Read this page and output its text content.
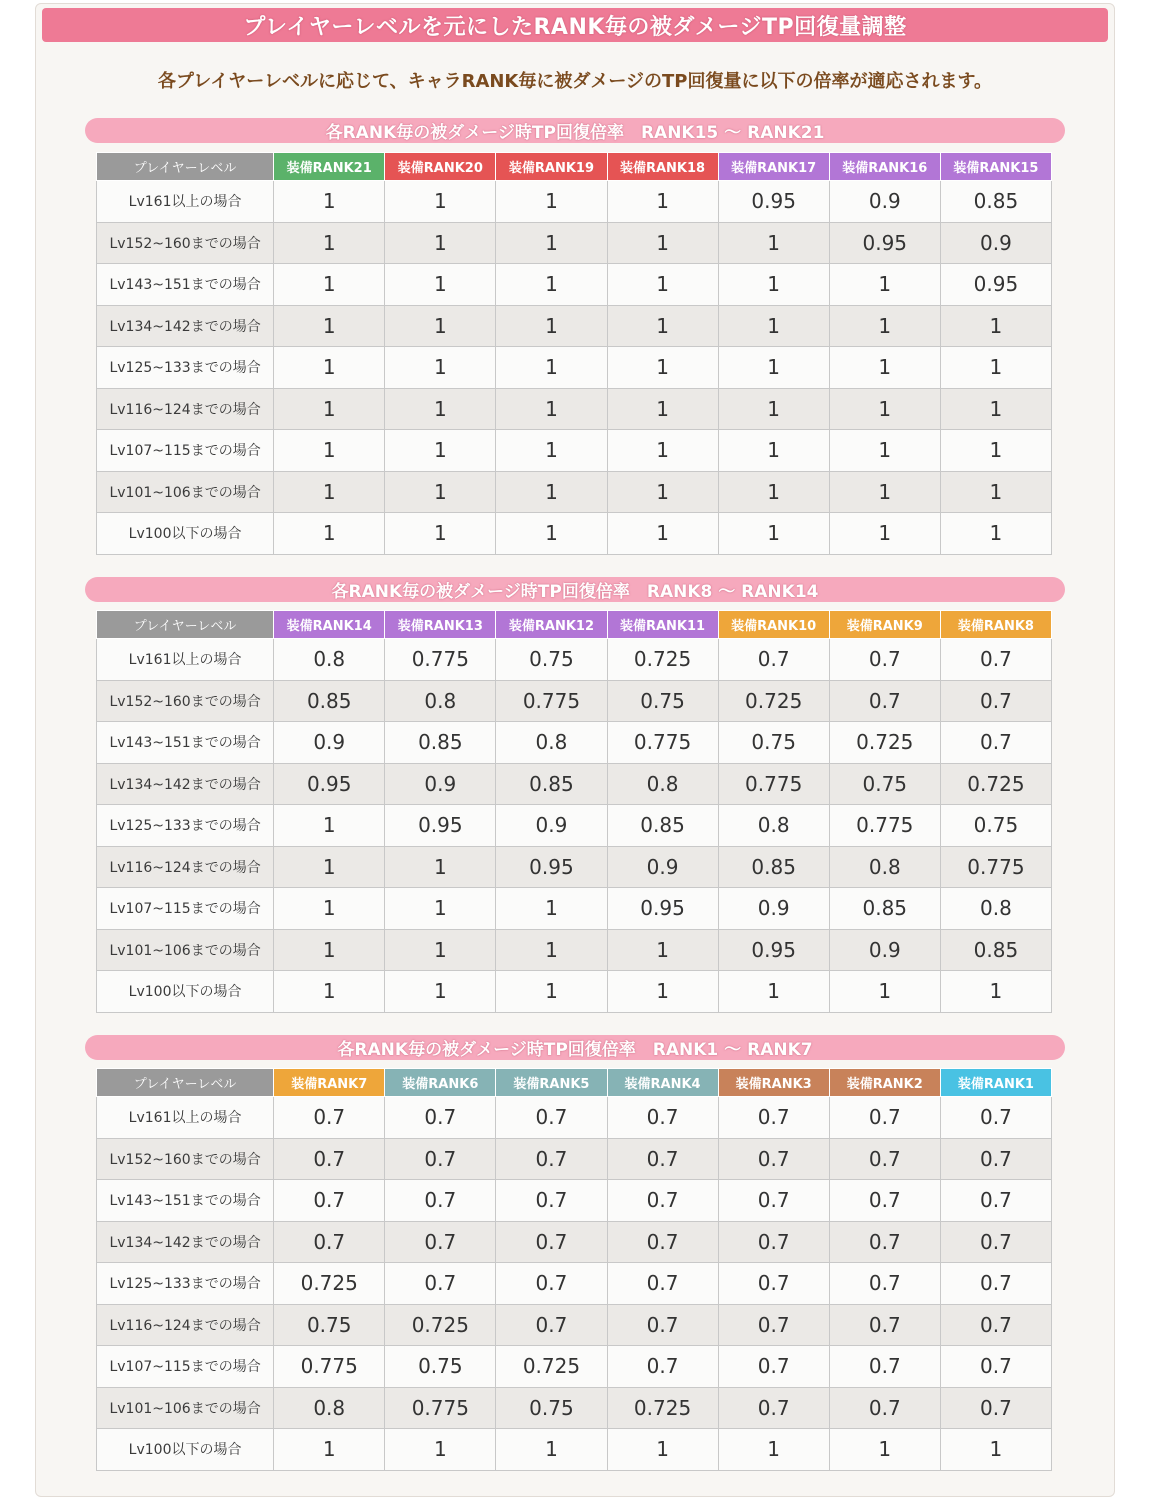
プレイヤーレベルを元にしたRANK毎の被ダメージTP回復量調整
各プレイヤーレベルに応じて、キャラRANK毎に被ダメージのTP回復量に以下の倍率が適応されます。
各RANK毎の被ダメージ時TP回復倍率　RANK15 ～ RANK21
プレイヤーレベル	装備RANK21	装備RANK20	装備RANK19	装備RANK18	装備RANK17	装備RANK16	装備RANK15
Lv161以上の場合	1	1	1	1	0.95	0.9	0.85
Lv152~160までの場合	1	1	1	1	1	0.95	0.9
Lv143~151までの場合	1	1	1	1	1	1	0.95
Lv134~142までの場合	1	1	1	1	1	1	1
Lv125~133までの場合	1	1	1	1	1	1	1
Lv116~124までの場合	1	1	1	1	1	1	1
Lv107~115までの場合	1	1	1	1	1	1	1
Lv101~106までの場合	1	1	1	1	1	1	1
Lv100以下の場合	1	1	1	1	1	1	1
各RANK毎の被ダメージ時TP回復倍率　RANK8 ～ RANK14
プレイヤーレベル	装備RANK14	装備RANK13	装備RANK12	装備RANK11	装備RANK10	装備RANK9	装備RANK8
Lv161以上の場合	0.8	0.775	0.75	0.725	0.7	0.7	0.7
Lv152~160までの場合	0.85	0.8	0.775	0.75	0.725	0.7	0.7
Lv143~151までの場合	0.9	0.85	0.8	0.775	0.75	0.725	0.7
Lv134~142までの場合	0.95	0.9	0.85	0.8	0.775	0.75	0.725
Lv125~133までの場合	1	0.95	0.9	0.85	0.8	0.775	0.75
Lv116~124までの場合	1	1	0.95	0.9	0.85	0.8	0.775
Lv107~115までの場合	1	1	1	0.95	0.9	0.85	0.8
Lv101~106までの場合	1	1	1	1	0.95	0.9	0.85
Lv100以下の場合	1	1	1	1	1	1	1
各RANK毎の被ダメージ時TP回復倍率　RANK1 ～ RANK7
プレイヤーレベル	装備RANK7	装備RANK6	装備RANK5	装備RANK4	装備RANK3	装備RANK2	装備RANK1
Lv161以上の場合	0.7	0.7	0.7	0.7	0.7	0.7	0.7
Lv152~160までの場合	0.7	0.7	0.7	0.7	0.7	0.7	0.7
Lv143~151までの場合	0.7	0.7	0.7	0.7	0.7	0.7	0.7
Lv134~142までの場合	0.7	0.7	0.7	0.7	0.7	0.7	0.7
Lv125~133までの場合	0.725	0.7	0.7	0.7	0.7	0.7	0.7
Lv116~124までの場合	0.75	0.725	0.7	0.7	0.7	0.7	0.7
Lv107~115までの場合	0.775	0.75	0.725	0.7	0.7	0.7	0.7
Lv101~106までの場合	0.8	0.775	0.75	0.725	0.7	0.7	0.7
Lv100以下の場合	1	1	1	1	1	1	1
